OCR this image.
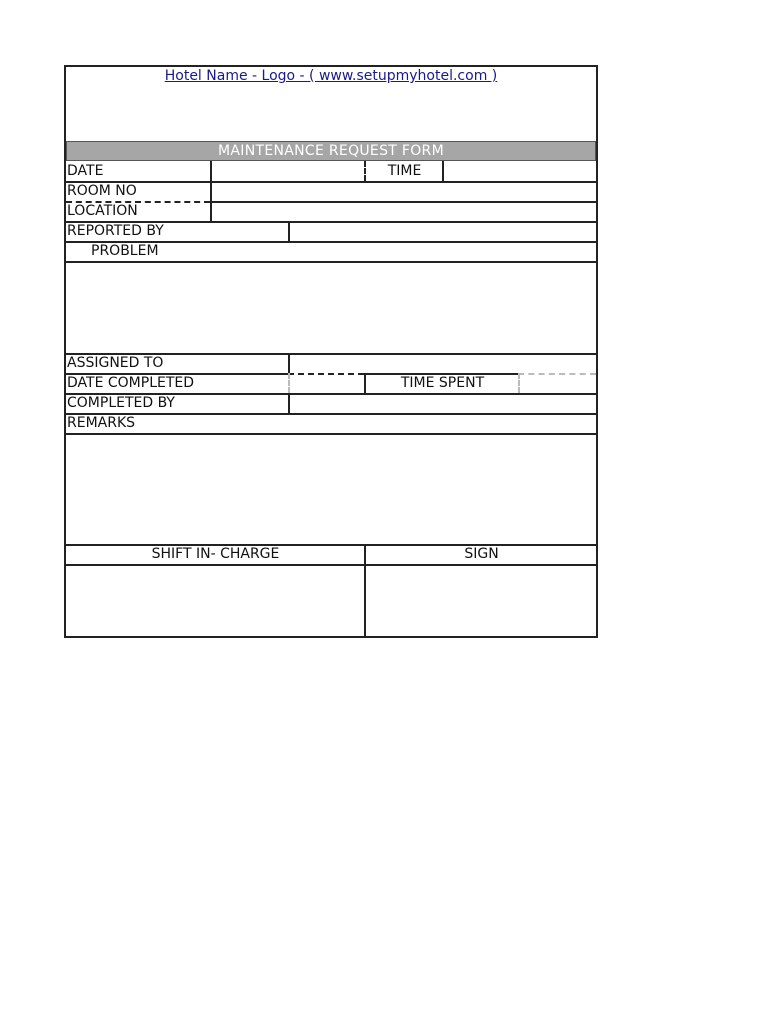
Hotel Name - Logo - ( www.setupmyhotel.com )
MAINTENANCE REQUEST FORM
DATE	TIME
ROOM NO
LOCATION
REPORTED BY
PROBLEM
ASSIGNED TO
DATE COMPLETED	TIME SPENT
COMPLETED BY
REMARKS
SHIFT IN- CHARGE	SIGN
